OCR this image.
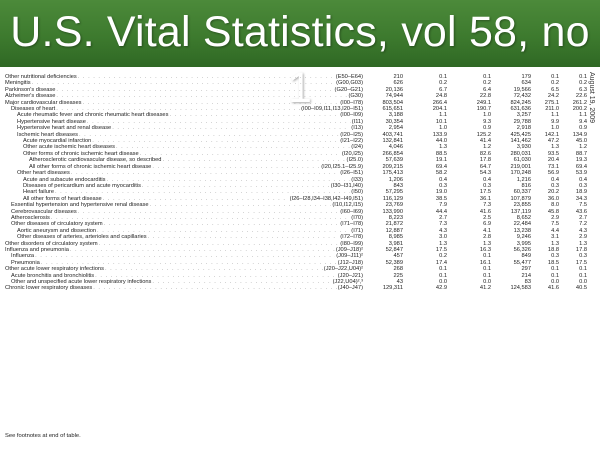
U.S. Vital Statistics, vol 58, no 1	August 19, 2009
Other nutritional deficiencies . . . (E50–E64)	210	0.1	0.1	179	0.1	0.1

Meningitis . . . (G00,G03)	626	0.2	0.2	634	0.2	0.2

Parkinson's disease . . . (G20–G21)	20,136	6.7	6.4	19,566	6.5	6.3

Alzheimer's disease . . . (G30)	74,944	24.8	22.8	72,432	24.2	22.6

Major cardiovascular diseases . . . (I00–I78)	803,504	266.4	249.1	824,245	275.1	261.2

Diseases of heart . . . (I00–I09,I11,I13,I20–I51)	615,651	204.1	190.7	631,636	211.0	200.2

Acute rheumatic fever and chronic rheumatic heart diseases . . . (I00–I09)	3,188	1.1	1.0	3,257	1.1	1.1

Hypertensive heart disease . . . (I11)	30,354	10.1	9.3	29,788	9.9	9.4

Hypertensive heart and renal disease . . . (I13)	2,954	1.0	0.9	2,918	1.0	0.9

Ischemic heart diseases . . . (I20–I25)	403,741	133.9	125.2	425,425	142.1	134.9

Acute myocardial infarction . . . (I21–I22)	132,841	44.0	41.4	141,462	47.2	45.0

Other acute ischemic heart diseases . . . (I24)	4,046	1.3	1.2	3,930	1.3	1.2

Other forms of chronic ischemic heart disease . . . (I20,I25)	266,854	88.5	82.6	280,031	93.5	88.7

Atherosclerotic cardiovascular disease, so described . . . (I25.0)	57,639	19.1	17.8	61,030	20.4	19.3

All other forms of chronic ischemic heart disease . . . (I20,I25.1–I25.9)	209,215	69.4	64.7	219,001	73.1	69.4

Other heart diseases . . . (I26–I51)	175,413	58.2	54.3	170,248	56.9	53.9

Acute and subacute endocarditis . . . (I33)	1,206	0.4	0.4	1,216	0.4	0.4

Diseases of pericardium and acute myocarditis . . . (I30–I31,I40)	843	0.3	0.3	816	0.3	0.3

Heart failure . . . (I50)	57,295	19.0	17.5	60,337	20.2	18.9

All other forms of heart disease . . . (I26–I28,I34–I38,I42–I49,I51)	116,129	38.5	36.1	107,879	36.0	34.3

Essential hypertension and hypertensive renal disease . . . (I10,I12,I15)	23,769	7.9	7.3	23,855	8.0	7.5

Cerebrovascular diseases . . . (I60–I69)	133,990	44.4	41.6	137,119	45.8	43.6

Atherosclerosis . . . (I70)	8,223	2.7	2.5	8,652	2.9	2.7

Other diseases of circulatory system . . . (I71–I78)	21,872	7.3	6.9	22,484	7.5	7.2

Aortic aneurysm and dissection . . . (I71)	12,887	4.3	4.1	13,238	4.4	4.3

Other diseases of arteries, arterioles and capillaries . . . (I72–I78)	8,985	3.0	2.8	9,246	3.1	2.9

Other disorders of circulatory system . . . (I80–I99)	3,981	1.3	1.3	3,995	1.3	1.3

Influenza and pneumonia . . . (J09–J18)²	52,847	17.5	16.3	56,326	18.8	17.8

Influenza . . . (J09–J11)²	457	0.2	0.1	849	0.3	0.3

Pneumonia . . . (J12–J18)	52,389	17.4	16.1	55,477	18.5	17.5

Other acute lower respiratory infections . . . (J20–J22,U04)²	268	0.1	0.1	297	0.1	0.1

Acute bronchitis and bronchiolitis . . . (J20–J21)	225	0.1	0.1	214	0.1	0.1

Other and unspecified acute lower respiratory infections . . . (J22,U04)²,³	43	0.0	0.0	83	0.0	0.0

Chronic lower respiratory diseases . . . (J40–J47)	129,311	42.9	41.2	124,583	41.6	40.5
See footnotes at end of table.
